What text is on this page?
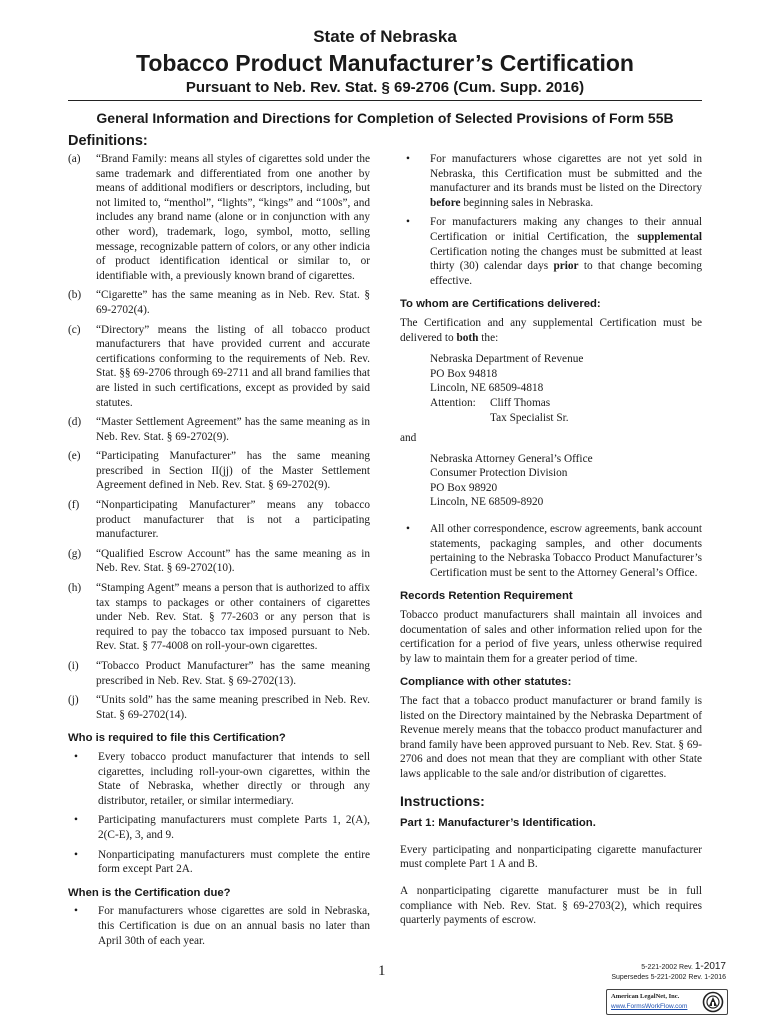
State of Nebraska
Tobacco Product Manufacturer’s Certification
Pursuant to Neb. Rev. Stat. § 69-2706 (Cum. Supp. 2016)
General Information and Directions for Completion of Selected Provisions of Form 55B
Definitions:
(a)	“Brand Family: means all styles of cigarettes sold under the same trademark and differentiated from one another by means of additional modifiers or descriptors, including, but not limited to, “menthol”, “lights”, “kings” and “100s”, and includes any brand name (alone or in conjunction with any other word), trademark, logo, symbol, motto, selling message, recognizable pattern of colors, or any other indicia of product identification identical or similar to, or identifiable with, a previously known brand of cigarettes.
(b)	“Cigarette” has the same meaning as in Neb. Rev. Stat. § 69-2702(4).
(c)	“Directory” means the listing of all tobacco product manufacturers that have provided current and accurate certifications conforming to the requirements of Neb. Rev. Stat. §§ 69-2706 through 69-2711 and all brand families that are listed in such certifications, except as provided by said statutes.
(d)	“Master Settlement Agreement” has the same meaning as in Neb. Rev. Stat. § 69-2702(9).
(e)	“Participating Manufacturer” has the same meaning prescribed in Section II(jj) of the Master Settlement Agreement defined in Neb. Rev. Stat. § 69-2702(9).
(f)	“Nonparticipating Manufacturer” means any tobacco product manufacturer that is not a participating manufacturer.
(g)	“Qualified Escrow Account” has the same meaning as in Neb. Rev. Stat. § 69-2702(10).
(h)	“Stamping Agent” means a person that is authorized to affix tax stamps to packages or other containers of cigarettes under Neb. Rev. Stat. § 77-2603 or any person that is required to pay the tobacco tax imposed pursuant to Neb. Rev. Stat. § 77-4008 on roll-your-own cigarettes.
(i)	“Tobacco Product Manufacturer” has the same meaning prescribed in Neb. Rev. Stat. § 69-2702(13).
(j)	“Units sold” has the same meaning prescribed in Neb. Rev. Stat. § 69-2702(14).
Who is required to file this Certification?
•	Every tobacco product manufacturer that intends to sell cigarettes, including roll-your-own cigarettes, within the State of Nebraska, whether directly or through any distributor, retailer, or similar intermediary.
•	Participating manufacturers must complete Parts 1, 2(A), 2(C-E), 3, and 9.
•	Nonparticipating manufacturers must complete the entire form except Part 2A.
When is the Certification due?
•	For manufacturers whose cigarettes are sold in Nebraska, this Certification is due on an annual basis no later than April 30th of each year.
•	For manufacturers whose cigarettes are not yet sold in Nebraska, this Certification must be submitted and the manufacturer and its brands must be listed on the Directory before beginning sales in Nebraska.
•	For manufacturers making any changes to their annual Certification or initial Certification, the supplemental Certification noting the changes must be submitted at least thirty (30) calendar days prior to that change becoming effective.
To whom are Certifications delivered:
The Certification and any supplemental Certification must be delivered to both the:
Nebraska Department of Revenue
PO Box 94818
Lincoln, NE 68509-4818
Attention:	Cliff Thomas
Tax Specialist Sr.
and
Nebraska Attorney General’s Office
Consumer Protection Division
PO Box 98920
Lincoln, NE 68509-8920
•	All other correspondence, escrow agreements, bank account statements, packaging samples, and other documents pertaining to the Nebraska Tobacco Product Manufacturer’s Certification must be sent to the Attorney General’s Office.
Records Retention Requirement
Tobacco product manufacturers shall maintain all invoices and documentation of sales and other information relied upon for the certification for a period of five years, unless otherwise required by law to maintain them for a greater period of time.
Compliance with other statutes:
The fact that a tobacco product manufacturer or brand family is listed on the Directory maintained by the Nebraska Department of Revenue merely means that the tobacco product manufacturer and brand family have been approved pursuant to Neb. Rev. Stat. § 69-2706 and does not mean that they are compliant with other State laws applicable to the sale and/or distribution of cigarettes.
Instructions:
Part 1: Manufacturer’s Identification.
Every participating and nonparticipating cigarette manufacturer must complete Part 1 A and B.
A nonparticipating cigarette manufacturer must be in full compliance with Neb. Rev. Stat. § 69-2703(2), which requires quarterly payments of escrow.
1	5-221-2002 Rev. 1-2017
Supersedes 5-221-2002 Rev. 1-2016
American LegalNet, Inc.
www.FormsWorkFlow.com
